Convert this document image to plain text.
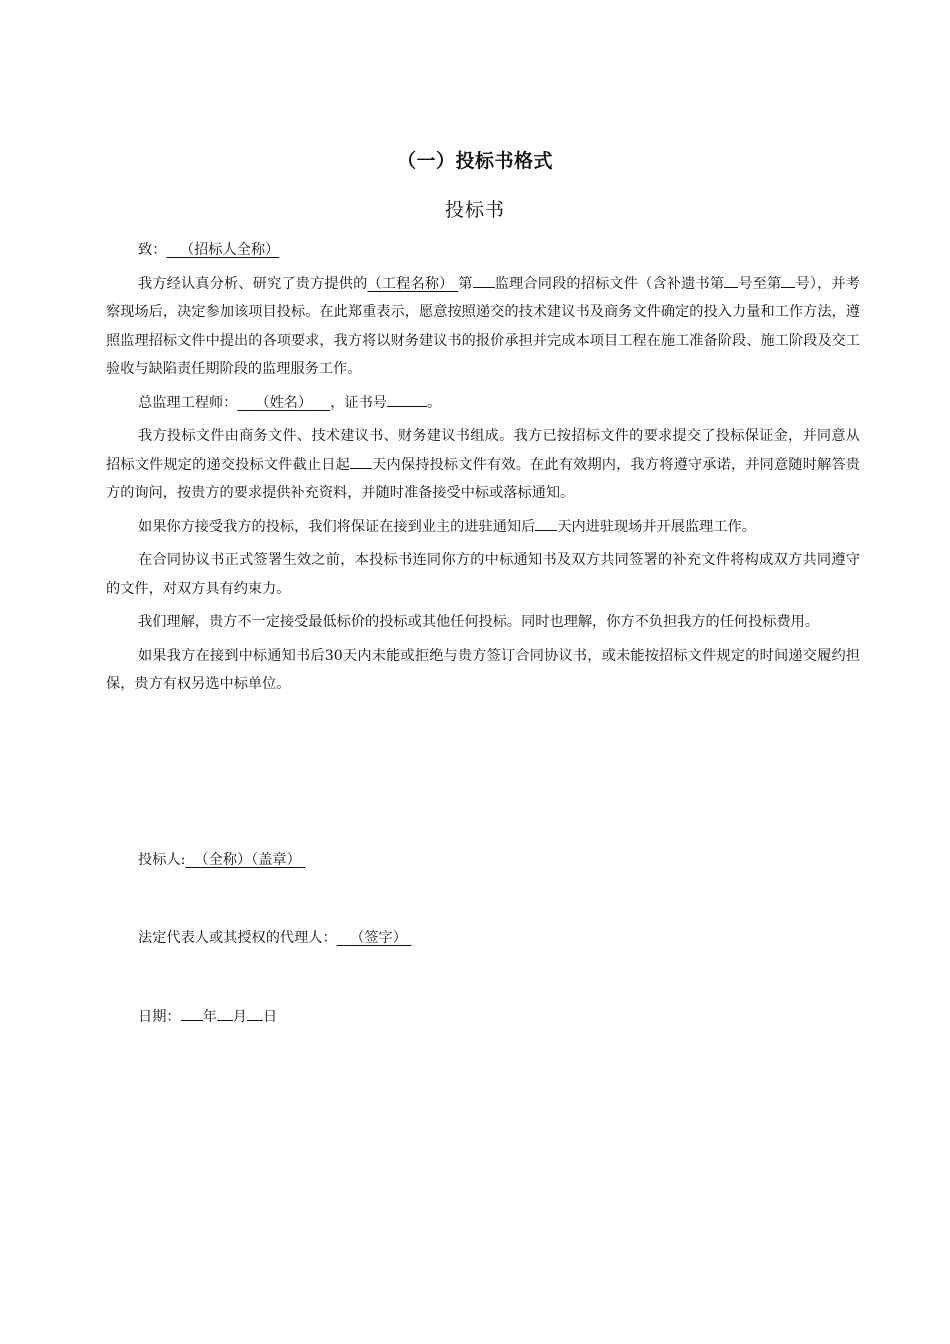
（一）投标书格式
投标书

致： （招标人全称）

我方经认真分析、研究了贵方提供的（工程名称） 第 监理合同段的招标文件（含补遗书第 号至第 号），并考察现场后，决定参加该项目投标。在此郑重表示，愿意按照递交的技术建议书及商务文件确定的投入力量和工作方法，遵照监理招标文件中提出的各项要求，我方将以财务建议书的报价承担并完成本项目工程在施工准备阶段、施工阶段及交工验收与缺陷责任期阶段的监理服务工作。

总监理工程师： （姓名） ，证书号	。

我方投标文件由商务文件、技术建议书、财务建议书组成。我方已按招标文件的要求提交了投标保证金，并同意从招标文件规定的递交投标文件截止日起 天内保持投标文件有效。在此有效期内，我方将遵守承诺，并同意随时解答贵方的询问，按贵方的要求提供补充资料，并随时准备接受中标或落标通知。

如果你方接受我方的投标，我们将保证在接到业主的进驻通知后 天内进驻现场并开展监理工作。

在合同协议书正式签署生效之前，本投标书连同你方的中标通知书及双方共同签署的补充文件将构成双方共同遵守的文件，对双方具有约束力。

我们理解，贵方不一定接受最低标价的投标或其他任何投标。同时也理解，你方不负担我方的任何投标费用。

如果我方在接到中标通知书后30天内未能或拒绝与贵方签订合同协议书，或未能按招标文件规定的时间递交履约担保，贵方有权另选中标单位。

投标人: （全称）（盖章）
法定代表人或其授权的代理人： （签字）
日期： 年 月 日
